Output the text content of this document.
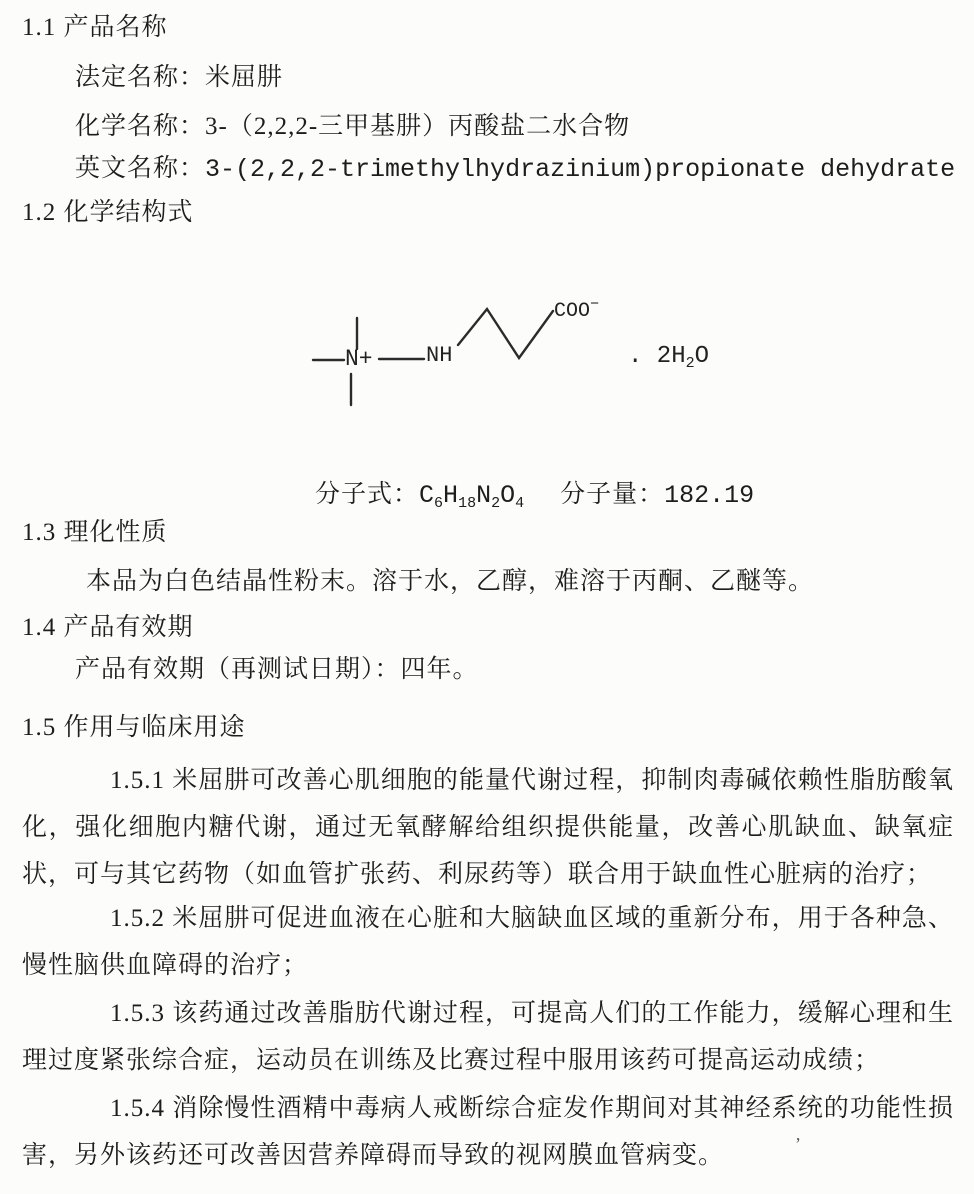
1.1 产品名称
法定名称：米屈肼
化学名称：3-（2,2,2-三甲基肼）丙酸盐二水合物
英文名称：3-(2,2,2-trimethylhydrazinium)propionate dehydrate
1.2 化学结构式
N+ NH
COO−
. $2H_2O$
分子式：$C_6H_{18}N_2O_4$ 分子量：182.19
1.3 理化性质
本品为白色结晶性粉末。溶于水，乙醇，难溶于丙酮、乙醚等。
1.4 产品有效期
产品有效期（再测试日期）：四年。
1.5 作用与临床用途
1.5.1 米屈肼可改善心肌细胞的能量代谢过程，抑制肉毒碱依赖性脂肪酸氧化，强化细胞内糖代谢，通过无氧酵解给组织提供能量，改善心肌缺血、缺氧症状，可与其它药物（如血管扩张药、利尿药等）联合用于缺血性心脏病的治疗；
1.5.2 米屈肼可促进血液在心脏和大脑缺血区域的重新分布，用于各种急、慢性脑供血障碍的治疗；
1.5.3 该药通过改善脂肪代谢过程，可提高人们的工作能力，缓解心理和生理过度紧张综合症，运动员在训练及比赛过程中服用该药可提高运动成绩；
1.5.4 消除慢性酒精中毒病人戒断综合症发作期间对其神经系统的功能性损害，另外该药还可改善因营养障碍而导致的视网膜血管病变。	’
